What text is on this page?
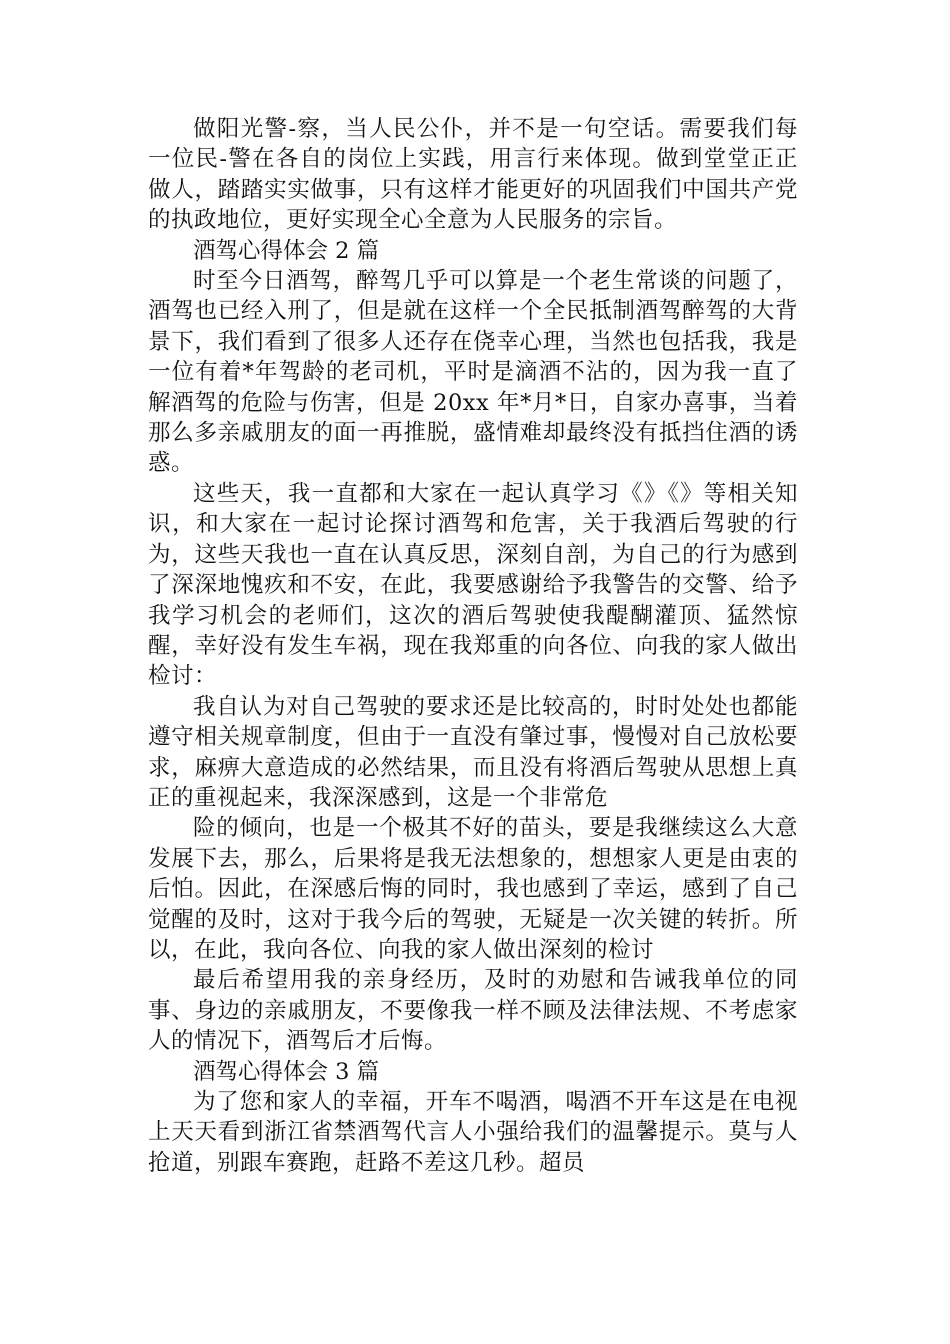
做阳光警-察，当人民公仆，并不是一句空话。需要我们每一位民-警在各自的岗位上实践，用言行来体现。做到堂堂正正做人，踏踏实实做事，只有这样才能更好的巩固我们中国共产党的执政地位，更好实现全心全意为人民服务的宗旨。

酒驾心得体会 2 篇

时至今日酒驾，醉驾几乎可以算是一个老生常谈的问题了，酒驾也已经入刑了，但是就在这样一个全民抵制酒驾醉驾的大背景下，我们看到了很多人还存在侥幸心理，当然也包括我，我是一位有着*年驾龄的老司机，平时是滴酒不沾的，因为我一直了解酒驾的危险与伤害，但是 20xx 年*月*日，自家办喜事，当着那么多亲戚朋友的面一再推脱，盛情难却最终没有抵挡住酒的诱惑。

这些天，我一直都和大家在一起认真学习《》《》等相关知识，和大家在一起讨论探讨酒驾和危害，关于我酒后驾驶的行为，这些天我也一直在认真反思，深刻自剖，为自己的行为感到了深深地愧疚和不安，在此，我要感谢给予我警告的交警、给予我学习机会的老师们，这次的酒后驾驶使我醍醐灌顶、猛然惊醒，幸好没有发生车祸，现在我郑重的向各位、向我的家人做出检讨：

我自认为对自己驾驶的要求还是比较高的，时时处处也都能遵守相关规章制度，但由于一直没有肇过事，慢慢对自己放松要求，麻痹大意造成的必然结果，而且没有将酒后驾驶从思想上真正的重视起来，我深深感到，这是一个非常危

险的倾向，也是一个极其不好的苗头，要是我继续这么大意发展下去，那么，后果将是我无法想象的，想想家人更是由衷的后怕。因此，在深感后悔的同时，我也感到了幸运，感到了自己觉醒的及时，这对于我今后的驾驶，无疑是一次关键的转折。所以，在此，我向各位、向我的家人做出深刻的检讨

最后希望用我的亲身经历，及时的劝慰和告诫我单位的同事、身边的亲戚朋友，不要像我一样不顾及法律法规、不考虑家人的情况下，酒驾后才后悔。

酒驾心得体会 3 篇

为了您和家人的幸福，开车不喝酒，喝酒不开车这是在电视上天天看到浙江省禁酒驾代言人小强给我们的温馨提示。莫与人抢道，别跟车赛跑，赶路不差这几秒。超员
